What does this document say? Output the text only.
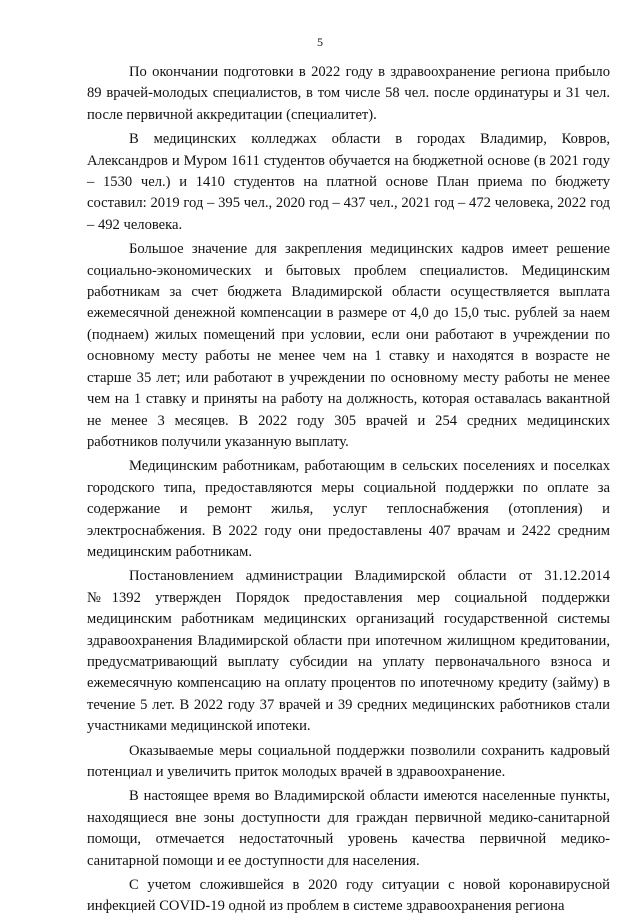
5

По окончании подготовки в 2022 году в здравоохранение региона прибыло 89 врачей-молодых специалистов, в том числе 58 чел. после ординатуры и 31 чел. после первичной аккредитации (специалитет).

В медицинских колледжах области в городах Владимир, Ковров, Александров и Муром 1611 студентов обучается на бюджетной основе (в 2021 году – 1530 чел.) и 1410 студентов на платной основе План приема по бюджету составил: 2019 год – 395 чел., 2020 год – 437 чел., 2021 год – 472 человека, 2022 год – 492 человека.

Большое значение для закрепления медицинских кадров имеет решение социально-экономических и бытовых проблем специалистов. Медицинским работникам за счет бюджета Владимирской области осуществляется выплата ежемесячной денежной компенсации в размере от 4,0 до 15,0 тыс. рублей за наем (поднаем) жилых помещений при условии, если они работают в учреждении по основному месту работы не менее чем на 1 ставку и находятся в возрасте не старше 35 лет; или работают в учреждении по основному месту работы не менее чем на 1 ставку и приняты на работу на должность, которая оставалась вакантной не менее 3 месяцев. В 2022 году 305 врачей и 254 средних медицинских работников получили указанную выплату.

Медицинским работникам, работающим в сельских поселениях и поселках городского типа, предоставляются меры социальной поддержки по оплате за содержание и ремонт жилья, услуг теплоснабжения (отопления) и электроснабжения. В 2022 году они предоставлены 407 врачам и 2422 средним медицинским работникам.

Постановлением администрации Владимирской области от 31.12.2014 №1392 утвержден Порядок предоставления мер социальной поддержки медицинским работникам медицинских организаций государственной системы здравоохранения Владимирской области при ипотечном жилищном кредитовании, предусматривающий выплату субсидии на уплату первоначального взноса и ежемесячную компенсацию на оплату процентов по ипотечному кредиту (займу) в течение 5 лет. В 2022 году 37 врачей и 39 средних медицинских работников стали участниками медицинской ипотеки.

Оказываемые меры социальной поддержки позволили сохранить кадровый потенциал и увеличить приток молодых врачей в здравоохранение.

В настоящее время во Владимирской области имеются населенные пункты, находящиеся вне зоны доступности для граждан первичной медико-санитарной помощи, отмечается недостаточный уровень качества первичной медико-санитарной помощи и ее доступности для населения.

С учетом сложившейся в 2020 году ситуации с новой коронавирусной инфекцией COVID-19 одной из проблем в системе здравоохранения региона
